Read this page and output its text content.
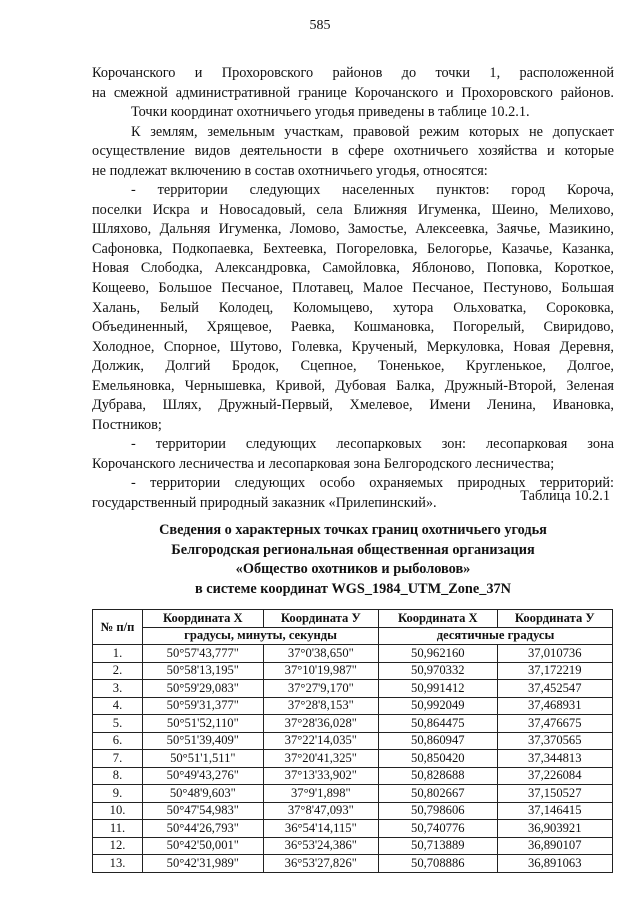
585

Корочанского и Прохоровского районов до точки 1, расположенной

на смежной административной границе Корочанского и Прохоровского районов.

Точки координат охотничьего угодья приведены в таблице 10.2.1.

К землям, земельным участкам, правовой режим которых не допускает

осуществление видов деятельности в сфере охотничьего хозяйства и которые

не подлежат включению в состав охотничьего угодья, относятся:

- территории следующих населенных пунктов: город Короча,

поселки Искра и Новосадовый, села Ближняя Игуменка, Шеино, Мелихово,

Шляхово, Дальняя Игуменка, Ломово, Замостье, Алексеевка, Заячье, Мазикино,

Сафоновка, Подкопаевка, Бехтеевка, Погореловка, Белогорье, Казачье, Казанка,

Новая Слободка, Александровка, Самойловка, Яблоново, Поповка, Короткое,

Кощеево, Большое Песчаное, Плотавец, Малое Песчаное, Пестуново, Большая

Халань, Белый Колодец, Коломыцево, хутора Ольховатка, Сороковка,

Объединенный, Хрящевое, Раевка, Кошмановка, Погорелый, Свиридово,

Холодное, Спорное, Шутово, Голевка, Крученый, Меркуловка, Новая Деревня,

Должик, Долгий Бродок, Сцепное, Тоненькое, Кругленькое, Долгое,

Емельяновка, Чернышевка, Кривой, Дубовая Балка, Дружный-Второй, Зеленая

Дубрава, Шлях, Дружный-Первый, Хмелевое, Имени Ленина, Ивановка,

Постников;

- территории следующих лесопарковых зон: лесопарковая зона

Корочанского лесничества и лесопарковая зона Белгородского лесничества;

- территории следующих особо охраняемых природных территорий:

государственный природный заказник «Прилепинский».	Таблица 10.2.1
Сведения о характерных точках границ охотничьего угодья
Белгородская региональная общественная организация
«Общество охотников и рыболовов»
в системе координат WGS_1984_UTM_Zone_37N
№ п/п	Координата X	Координата У	Координата X	Координата У
	градусы, минуты, секунды		десятичные градусы	
1.	50°57'43,777"	37°0'38,650"	50,962160	37,010736
2.	50°58'13,195"	37°10'19,987"	50,970332	37,172219
3.	50°59'29,083"	37°27'9,170"	50,991412	37,452547
4.	50°59'31,377"	37°28'8,153"	50,992049	37,468931
5.	50°51'52,110"	37°28'36,028"	50,864475	37,476675
6.	50°51'39,409"	37°22'14,035"	50,860947	37,370565
7.	50°51'1,511"	37°20'41,325"	50,850420	37,344813
8.	50°49'43,276"	37°13'33,902"	50,828688	37,226084
9.	50°48'9,603"	37°9'1,898"	50,802667	37,150527
10.	50°47'54,983"	37°8'47,093"	50,798606	37,146415
11.	50°44'26,793"	36°54'14,115"	50,740776	36,903921
12.	50°42'50,001"	36°53'24,386"	50,713889	36,890107
13.	50°42'31,989"	36°53'27,826"	50,708886	36,891063
